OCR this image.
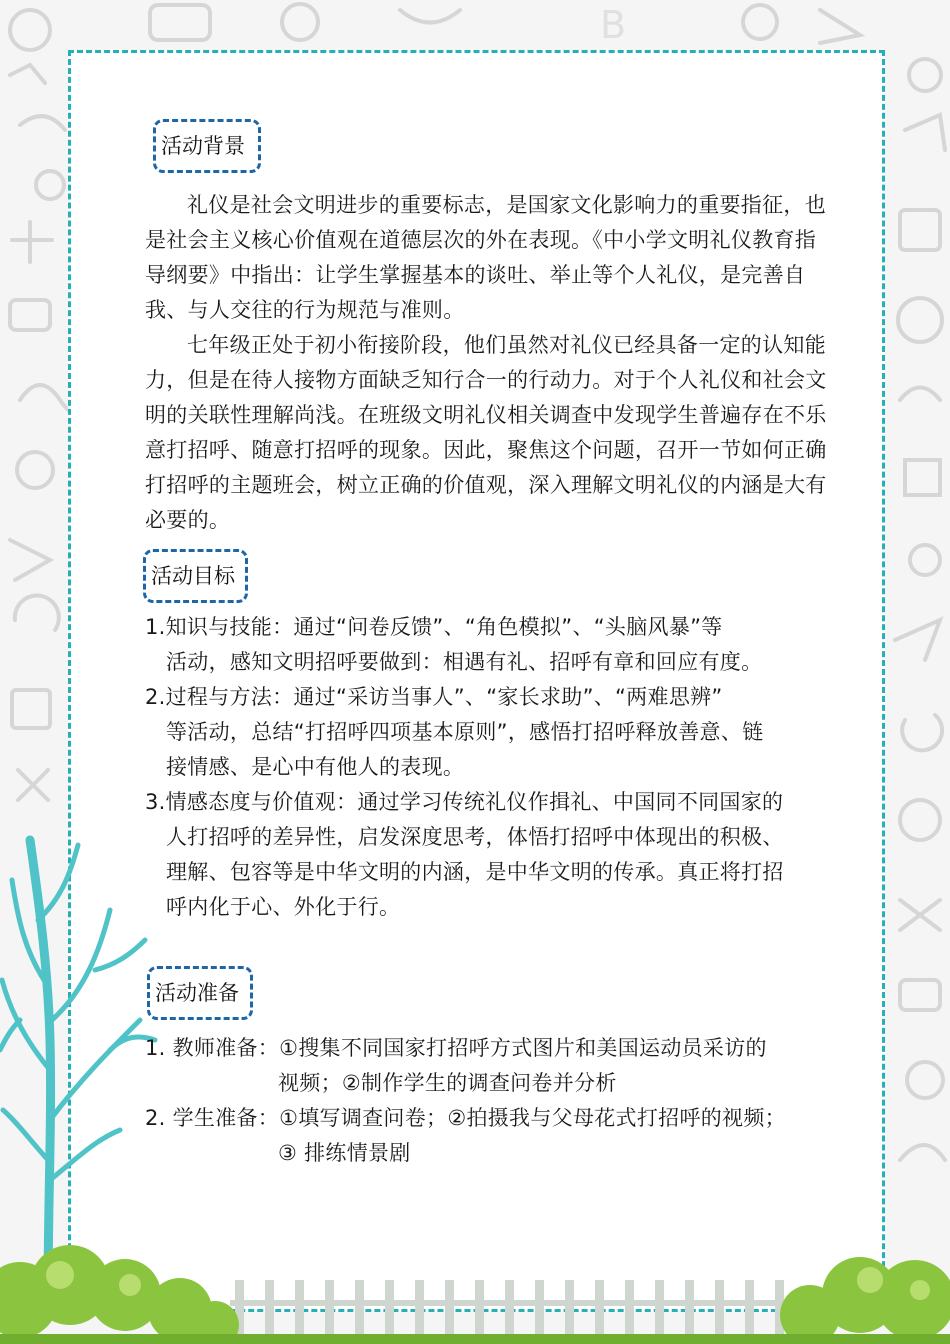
B
活动背景

礼仪是社会文明进步的重要标志，是国家文化影响力的重要指征，也是社会主义核心价值观在道德层次的外在表现。《中小学文明礼仪教育指导纲要》中指出：让学生掌握基本的谈吐、举止等个人礼仪，是完善自我、与人交往的行为规范与准则。

七年级正处于初小衔接阶段，他们虽然对礼仪已经具备一定的认知能力，但是在待人接物方面缺乏知行合一的行动力。对于个人礼仪和社会文明的关联性理解尚浅。在班级文明礼仪相关调查中发现学生普遍存在不乐意打招呼、随意打招呼的现象。因此，聚焦这个问题，召开一节如何正确打招呼的主题班会，树立正确的价值观，深入理解文明礼仪的内涵是大有必要的。

活动目标
1.知识与技能：通过“问卷反馈”、“角色模拟”、“头脑风暴”等
活动，感知文明招呼要做到：相遇有礼、招呼有章和回应有度。
2.过程与方法：通过“采访当事人”、“家长求助”、“两难思辨”
等活动，总结“打招呼四项基本原则”，感悟打招呼释放善意、链
接情感、是心中有他人的表现。
3.情感态度与价值观：通过学习传统礼仪作揖礼、中国同不同国家的
人打招呼的差异性，启发深度思考，体悟打招呼中体现出的积极、
理解、包容等是中华文明的内涵，是中华文明的传承。真正将打招
呼内化于心、外化于行。
活动准备
1. 教师准备：①搜集不同国家打招呼方式图片和美国运动员采访的
视频；②制作学生的调查问卷并分析
2. 学生准备：①填写调查问卷；②拍摄我与父母花式打招呼的视频；
③ 排练情景剧
